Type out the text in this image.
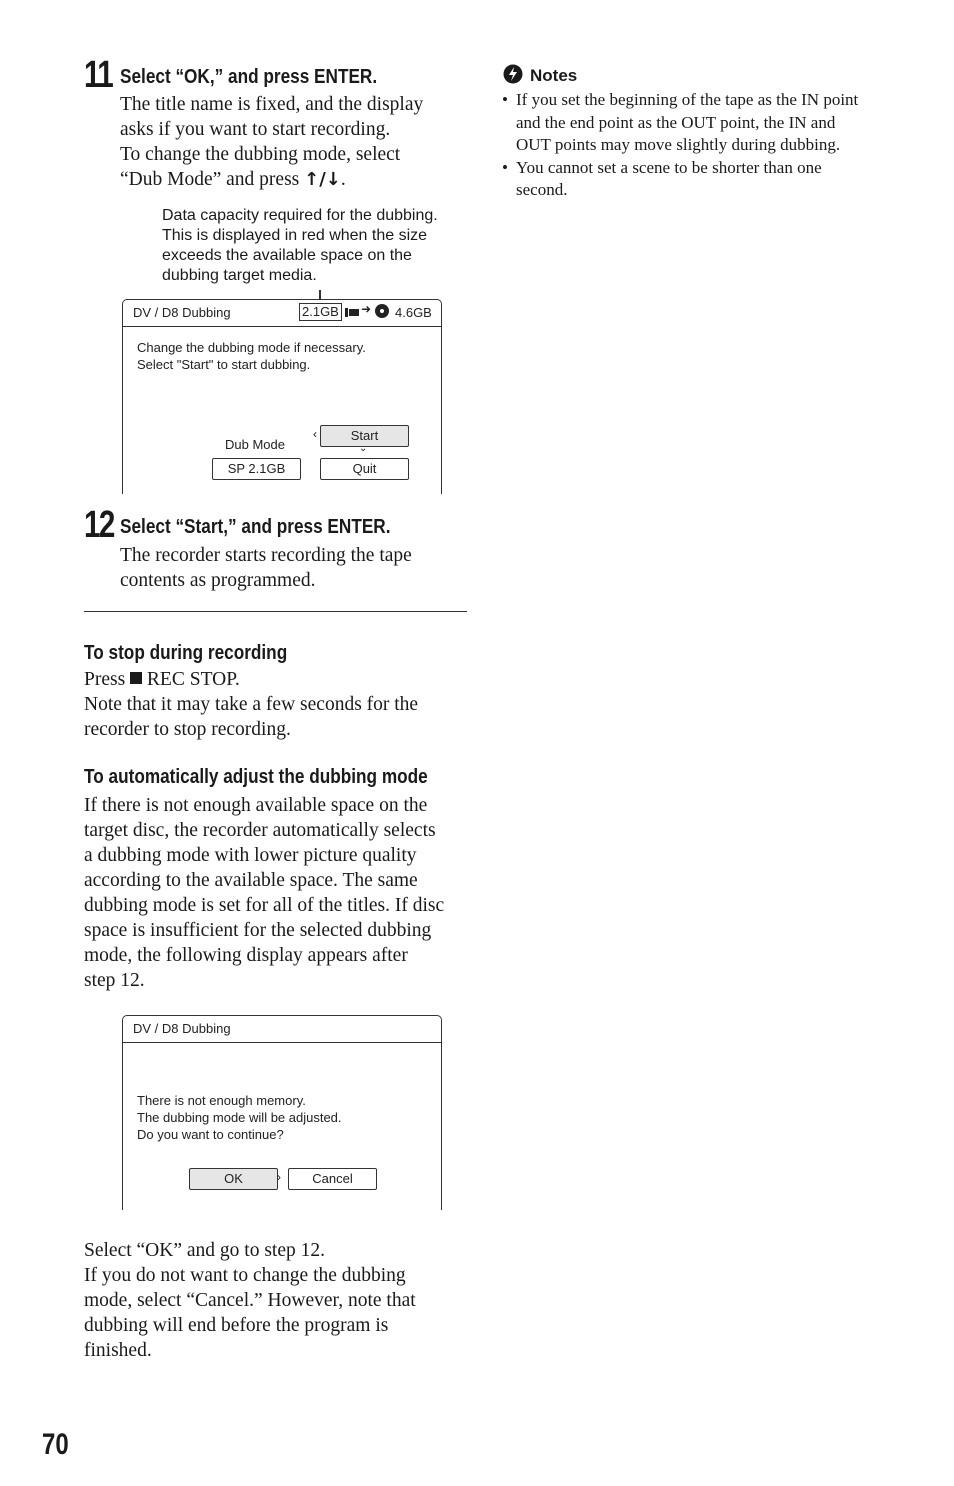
11 Select “OK,” and press ENTER.

The title name is fixed, and the display

asks if you want to start recording.

To change the dubbing mode, select

“Dub Mode” and press ↑/↓.

Data capacity required for the dubbing.
This is displayed in red when the size
exceeds the available space on the
dubbing target media.
DV / D8 Dubbing	2.1GB ➜ 4.6GB
Change the dubbing mode if necessary.
Select "Start" to start dubbing.
Dub Mode
SP 2.1GB
Start
‹
⌄
Quit
12 Select “Start,” and press ENTER.

The recorder starts recording the tape

contents as programmed.

To stop during recording

Press REC STOP.

Note that it may take a few seconds for the

recorder to stop recording.

To automatically adjust the dubbing mode

If there is not enough available space on the

target disc, the recorder automatically selects

a dubbing mode with lower picture quality

according to the available space. The same

dubbing mode is set for all of the titles. If disc

space is insufficient for the selected dubbing

mode, the following display appears after

step 12.

DV / D8 Dubbing
There is not enough memory.
The dubbing mode will be adjusted.
Do you want to continue?
OK	›	Cancel

Select “OK” and go to step 12.

If you do not want to change the dubbing

mode, select “Cancel.” However, note that

dubbing will end before the program is

finished.

Notes
• If you set the beginning of the tape as the IN point
and the end point as the OUT point, the IN and
OUT points may move slightly during dubbing.
• You cannot set a scene to be shorter than one
second.
70
